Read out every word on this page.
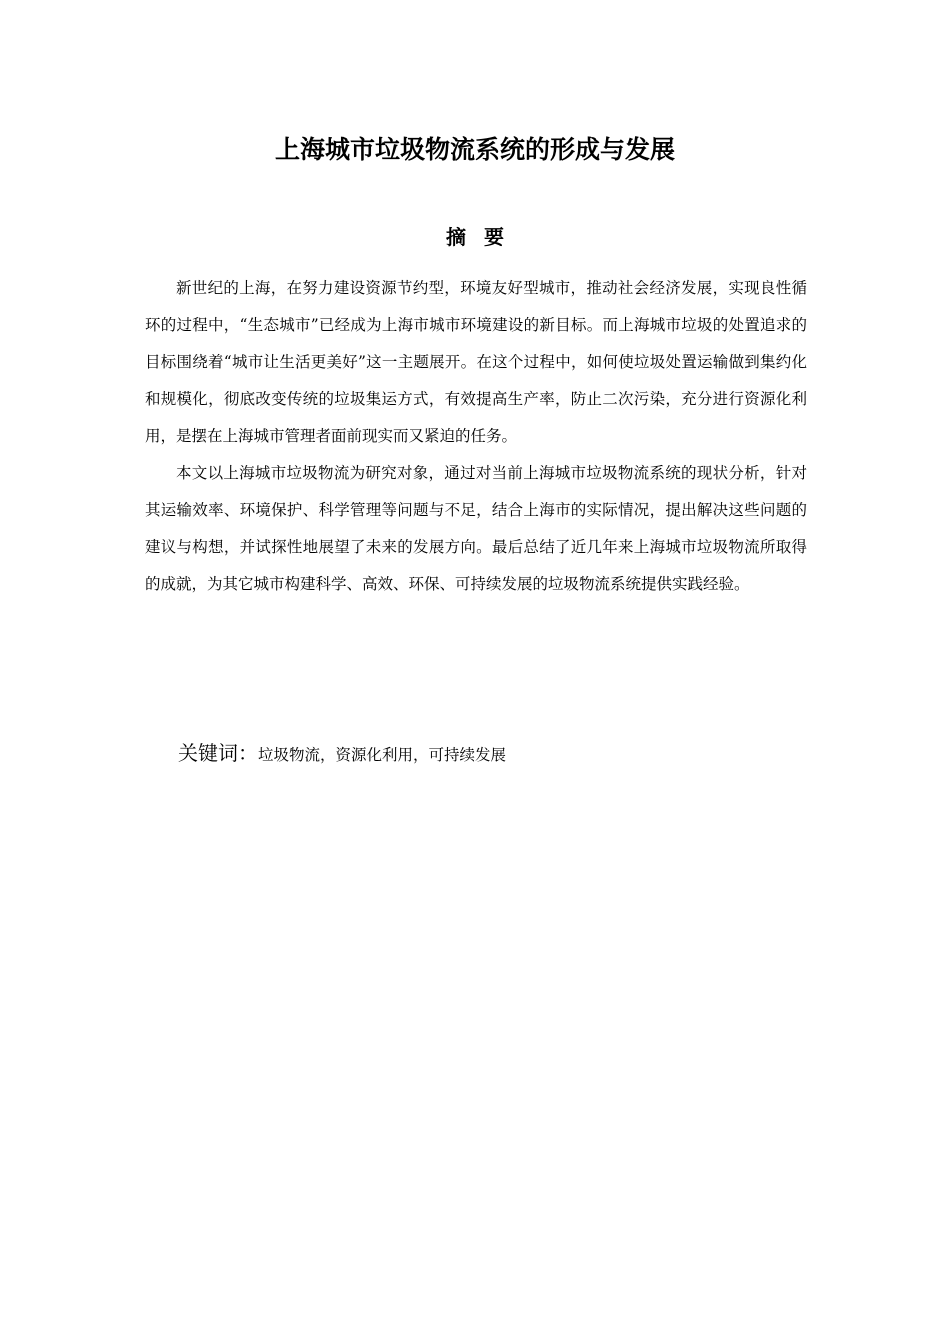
上海城市垃圾物流系统的形成与发展
摘要

新世纪的上海，在努力建设资源节约型，环境友好型城市，推动社会经济发展，实现良性循环的过程中，“生态城市”已经成为上海市城市环境建设的新目标。而上海城市垃圾的处置追求的目标围绕着“城市让生活更美好”这一主题展开。在这个过程中，如何使垃圾处置运输做到集约化和规模化，彻底改变传统的垃圾集运方式，有效提高生产率，防止二次污染，充分进行资源化利用，是摆在上海城市管理者面前现实而又紧迫的任务。

本文以上海城市垃圾物流为研究对象，通过对当前上海城市垃圾物流系统的现状分析，针对其运输效率、环境保护、科学管理等问题与不足，结合上海市的实际情况，提出解决这些问题的建议与构想，并试探性地展望了未来的发展方向。最后总结了近几年来上海城市垃圾物流所取得的成就，为其它城市构建科学、高效、环保、可持续发展的垃圾物流系统提供实践经验。

关键词：垃圾物流，资源化利用，可持续发展
